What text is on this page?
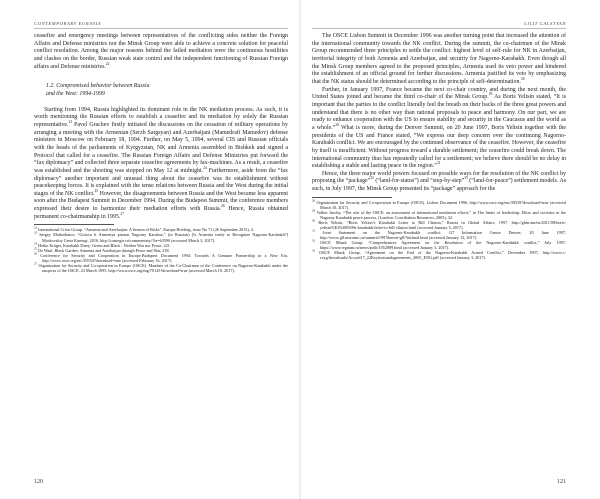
CONTEMPORARY EURASIA

ceasefire and emergency meetings between representatives of the conflicting sides neither the Foreign Affairs and Defense ministries nor the Minsk Group were able to achieve a concrete solution for peaceful conflict resolution. Among the major reasons behind the failed mediation were the continuous hostilities and clashes on the border, Russian weak state control and the independent functioning of Russian Foreign affairs and Defense ministries.$^{22}$

1.2. Compromised behavior between Russia
and the West: 1994-1999

Starting from 1994, Russia highlighted its dominant role in the NK mediation process. As such, it is worth mentioning the Russian efforts to establish a ceasefire and its mediation by solely the Russian representative.$^{23}$ Pavel Grachev firstly initiated the discussions on the cessation of military operations by arranging a meeting with the Armenian (Serzh Sargsyan) and Azerbaijani (Mamedrafi Mamedov) defense ministers in Moscow on February 18, 1994. Further, on May 5, 1994, several CIS and Russian officials with the heads of the parliaments of Kyrgyzstan, NK and Armenia assembled in Bishkek and signed a Protocol that called for a ceasefire. The Russian Foreign Affairs and Defense Ministries put forward the “fax diplomacy” and collected three separate ceasefire agreements by fax-machines. As a result, a ceasefire was established and the shooting was stopped on May 12 at midnight.$^{24}$ Furthermore, aside from the “fax diplomacy” another important and unusual thing about the ceasefire was its establishment without peacekeeping forces. It is explained with the tense relations between Russia and the West during the initial stages of the NK conflict.$^{25}$ However, the disagreements between Russia and the West became less apparent soon after the Budapest Summit in December 1994. During the Budapest Summit, the conference members expressed their desire to harmonize their mediation efforts with Russia.$^{26}$ Hence, Russia obtained permanent co-chairmanship in 1995.27

$^{22}$ International Crisis Group. “Armenia and Azerbaijan: A Season of Risks”. Europe Briefing, issue No 71 (26 September 2013), 4.

$^{23}$ Sergey Markedonov, “Gotova li Armeniya priznat Nagorny Karabax,” (in Russian) [Is Armenia ready to Recognize Nagorno-Karabakh?] Moskovskiy Centr Karnegi, 2016, http://carnegie.ru/commentary/?fa=63590 (accessed March 3, 2017).

$^{24}$ Heiko Krüger, Karabakh Diary: Green and Black : Neither War nor Peace, 221.

$^{25}$ De Waal, Black Garden: Armenia and Azerbaijan through Peace and War, 238.

$^{26}$ Conference for Security and Cooperation in Europe.Budapest Document 1994: Towards A Genuine Partnership in a New Era, http://www.osce.org/mc/39554?download=true (accessed February 16, 2017).

$^{27}$ Organization for Security and Co-operation in Europe (OSCE). Mandate of the Co-Chairmen of the Conference on Nagorno-Karabakh under the auspices of the OSCE, 23 March 1995, http://www.osce.org/mg/70125?download=true (accessed March 10, 2017).

120
LILIT GALSTYAN

The OSCE Lisbon Summit in December 1996 was another turning point that increased the attention of the international community towards the NK conflict. During the summit, the co-chairmen of the Minsk Group recommended three principles to settle the conflict: highest level of self-rule for NK in Azerbaijan, territorial integrity of both Armenia and Azerbaijan, and security for Nagorno-Karabakh. Even though all the Minsk Group members agreed to the proposed principles, Armenia used its veto power and hindered the establishment of an official ground for further discussions. Armenia justified its veto by emphasizing that the NK status should be determined according to the principle of self-determination.$^{28}$

Further, in January 1997, France became the next co-chair country, and during the next month, the United States joined and became the third co-chair of the Minsk Group.$^{29}$ As Boris Yeltsin stated, “It is important that the parties to the conflict literally feel the breath on their backs of the three great powers and understand that there is no other way than rational proposals to peace and harmony. On our part, we are ready to enhance cooperation with the US to ensure stability and security in the Caucasus and the world as a whole.”$^{30}$ What is more, during the Denver Summit, on 20 June 1997, Boris Yeltsin together with the presidents of the US and France stated, “We express our deep concern over the continuing Nagorno-Karabakh conflict. We are encouraged by the continued observance of the ceasefire. However, the ceasefire by itself is insufficient. Without progress toward a durable settlement; the ceasefire could break down. The international community thus has repeatedly called for a settlement; we believe there should be no delay in establishing a stable and lasting peace in the region.”$^{31}$

Hence, the three major world powers focused on possible ways for the resolution of the NK conflict by proposing the “package”$^{32}$ (“land-for-status”) and “step-by-step”$^{33}$ (“land-for-peace”) settlement models. As such, in July 1997, the Minsk Group presented its “package” approach for the

$^{28}$ Organization for Security and Co-operation in Europe (OSCE). Lisbon Document 1996, http://www.osce.org/mc/39539?download=true (accessed March 10, 2017).

$^{29}$ Volker Jacoby, “The role of the OSCE: an assessment of international mediation efforts,” in The limits of leadership: Elites and societies in the Nagorny Karabakh peace process, (London: Conciliation Resources, 2005), 32.

$^{30}$ Boris Yeltsin, “Boris Yeltsin’s Karabakh Letter to Bill Clinton,” Russia in Global Affairs, 1997, http://ghm.am/en/2011/08/boris-yeltsin%E2%80%99s-karabakh-letter-to-bill-clinton.html (accessed January 3, 2017).

$^{31}$ Joint Statement on the Nagorno-Karabakh conflict. G7 Information Centre Denver, 20 June 1997, http://www.g8.utoronto.ca/summit/1997denver/g8/7nkfinal.html (accessed January 12, 2017).

$^{32}$ OSCE Minsk Group. “Comprehensive Agreement on the Resolution of the Nagorno-Karabakh conflict,” July 1997, https://www.regnum.ru/news/polit/1052089.html (accessed January 3, 2017).

$^{33}$ OSCE Minsk Group, “Agreement on the End of the Nagorno-Karabakh Armed Conflict,” December 1997, http://www.c-r.org/downloads/Accord17_22Keytextsandagreements_2005_ENG.pdf (accessed January 3, 2017).

121
